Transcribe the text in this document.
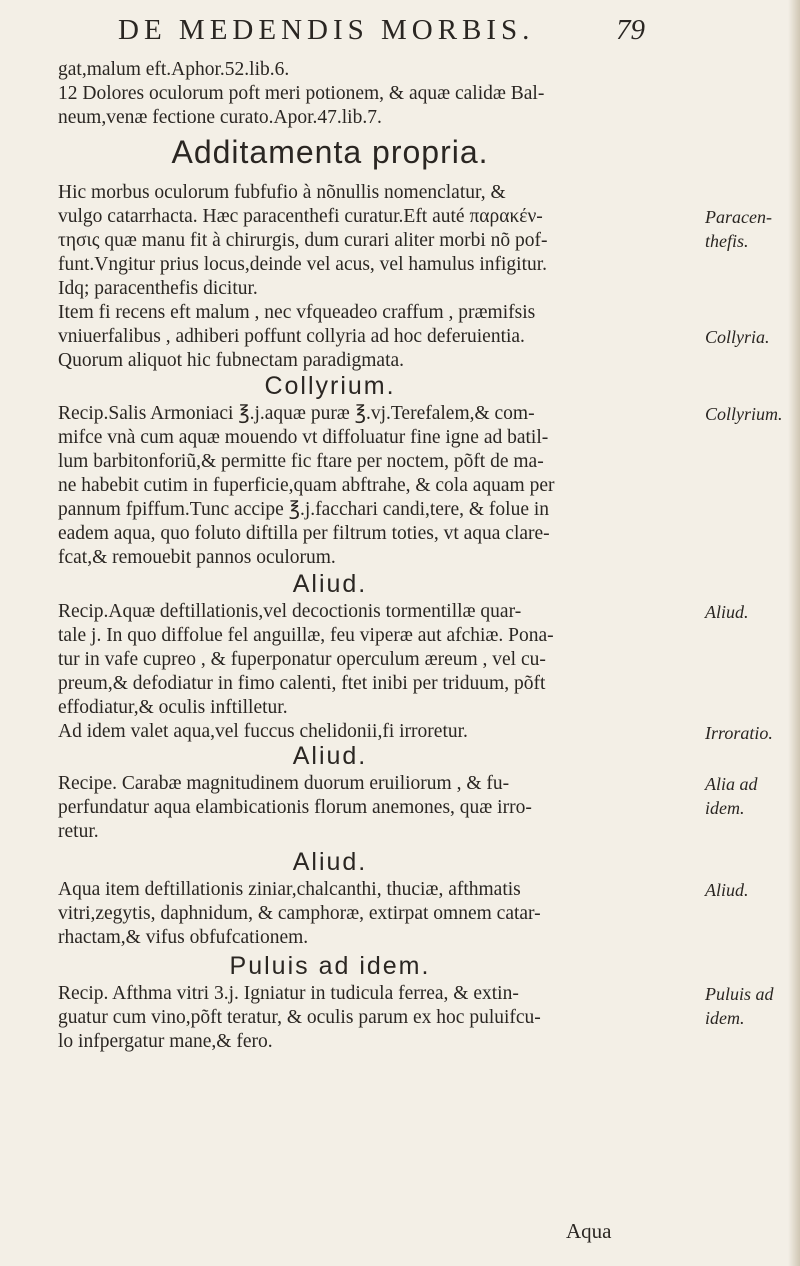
DE MEDENDIS MORBIS.	79
gat,malum eft.Aphor.52.lib.6.
12 Dolores oculorum poft meri potionem, & aquæ calidæ Bal-
neum,venæ fectione curato.Apor.47.lib.7.
Additamenta propria.
Hic morbus oculorum fubfufio à nõnullis nomenclatur, &
vulgo catarrhacta. Hæc paracenthefi curatur.Eft auté παρακέν-
τησις quæ manu fit à chirurgis, dum curari aliter morbi nõ pof-
funt.Vngitur prius locus,deinde vel acus, vel hamulus infigitur.
Idq; paracenthefis dicitur.
Item fi recens eft malum , nec vfqueadeo craffum , præmifsis
vniuerfalibus , adhiberi poffunt collyria ad hoc deferuientia.
Quorum aliquot hic fubnectam paradigmata.
Collyrium.
Recip.Salis Armoniaci ℥.j.aquæ puræ ℥.vj.Terefalem,& com-
mifce vnà cum aquæ mouendo vt diffoluatur fine igne ad batil-
lum barbitonforiũ,& permitte fic ftare per noctem, põft de ma-
ne habebit cutim in fuperficie,quam abftrahe, & cola aquam per
pannum fpiffum.Tunc accipe ℥.j.facchari candi,tere, & folue in
eadem aqua, quo foluto diftilla per filtrum toties, vt aqua clare-
fcat,& remouebit pannos oculorum.
Aliud.
Recip.Aquæ deftillationis,vel decoctionis tormentillæ quar-
tale j. In quo diffolue fel anguillæ, feu viperæ aut afchiæ. Pona-
tur in vafe cupreo , & fuperponatur operculum æreum , vel cu-
preum,& defodiatur in fimo calenti, ftet inibi per triduum, põft
effodiatur,& oculis inftilletur.
Ad idem valet aqua,vel fuccus chelidonii,fi irroretur.
Aliud.
Recipe. Carabæ magnitudinem duorum eruiliorum , & fu-
perfundatur aqua elambicationis florum anemones, quæ irro-
retur.
Aliud.
Aqua item deftillationis ziniar,chalcanthi, thuciæ, afthmatis
vitri,zegytis, daphnidum, & camphoræ, extirpat omnem catar-
rhactam,& vifus obfufcationem.
Puluis ad idem.
Recip. Afthma vitri 3.j. Igniatur in tudicula ferrea, & extin-
guatur cum vino,põft teratur, & oculis parum ex hoc puluifcu-
lo infpergatur mane,& fero.
Aqua
Paracen-
thefis.
Collyria.
Collyrium.
Aliud.
Irroratio.
Alia ad
idem.
Aliud.
Puluis ad
idem.
